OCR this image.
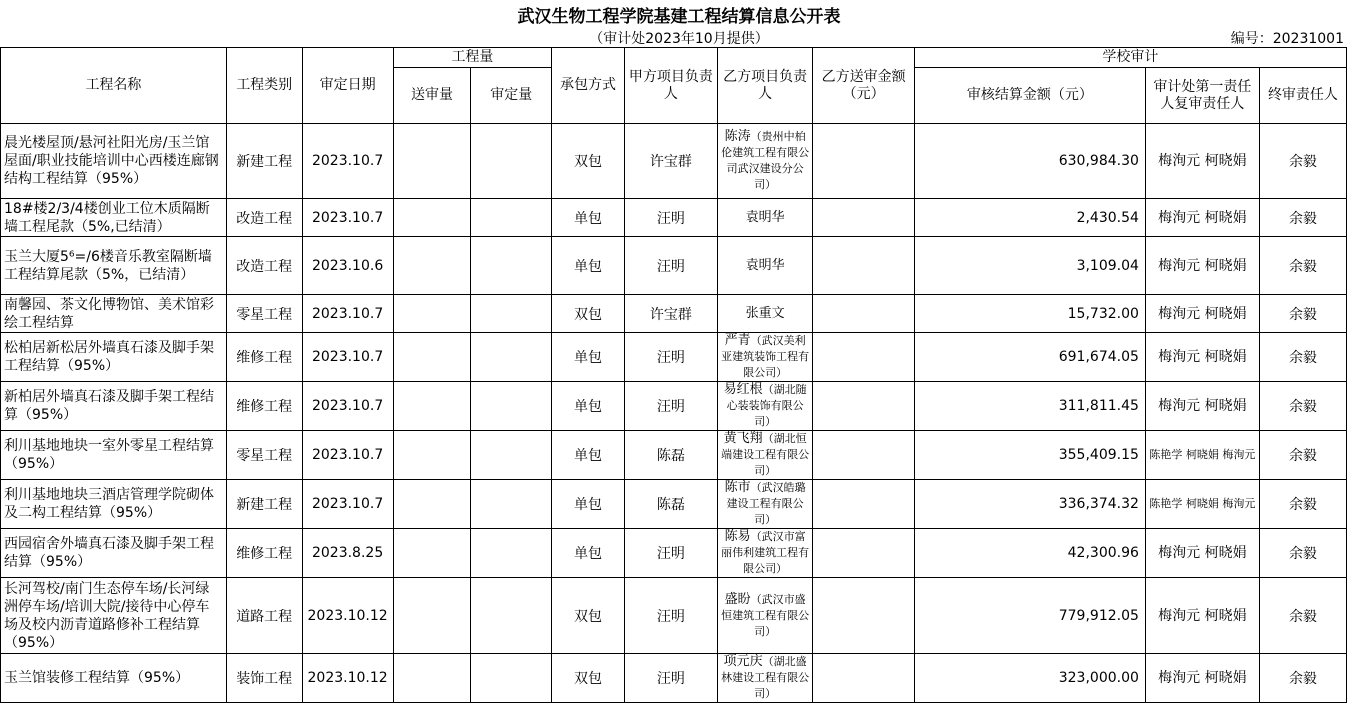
武汉生物工程学院基建工程结算信息公开表
（审计处2023年10月提供）	编号：20231001
工程名称	工程类别	审定日期	工程量		承包方式	甲方项目负责人	乙方项目负责人	乙方送审金额（元）	学校审计		
			送审量	审定量					审核结算金额（元）	审计处第一责任人复审责任人	终审责任人
晨光楼屋顶/悬河社阳光房/玉兰馆屋面/职业技能培训中心西楼连廊钢结构工程结算（95%）	新建工程	2023.10.7			双包	许宝群	陈涛（贵州中柏伦建筑工程有限公司武汉建设分公司）		630,984.30	梅洵元 柯晓娟	余毅
18#楼2/3/4楼创业工位木质隔断墙工程尾款（5%,已结清）	改造工程	2023.10.7			单包	汪明	袁明华		2,430.54	梅洵元 柯晓娟	余毅
玉兰大厦5⁶=/6楼音乐教室隔断墙工程结算尾款（5%，已结清）	改造工程	2023.10.6			单包	汪明	袁明华		3,109.04	梅洵元 柯晓娟	余毅
南馨园、茶文化博物馆、美术馆彩绘工程结算	零星工程	2023.10.7			双包	许宝群	张重文		15,732.00	梅洵元 柯晓娟	余毅
松柏居新松居外墙真石漆及脚手架工程结算（95%）	维修工程	2023.10.7			单包	汪明	严青（武汉美利亚建筑装饰工程有限公司）		691,674.05	梅洵元 柯晓娟	余毅
新柏居外墙真石漆及脚手架工程结算（95%）	维修工程	2023.10.7			单包	汪明	易红根（湖北随心装装饰有限公司）		311,811.45	梅洵元 柯晓娟	余毅
利川基地地块一室外零星工程结算（95%）	零星工程	2023.10.7			单包	陈磊	黄飞翔（湖北恒端建设工程有限公司）		355,409.15	陈艳学 柯晓娟 梅洵元	余毅
利川基地地块三酒店管理学院砌体及二构工程结算（95%）	新建工程	2023.10.7			单包	陈磊	陈市（武汉皓璐建设工程有限公司）		336,374.32	陈艳学 柯晓娟 梅洵元	余毅
西园宿舍外墙真石漆及脚手架工程结算（95%）	维修工程	2023.8.25			单包	汪明	陈易（武汉市富丽伟利建筑工程有限公司）		42,300.96	梅洵元 柯晓娟	余毅
长河驾校/南门生态停车场/长河绿洲停车场/培训大院/接待中心停车场及校内沥青道路修补工程结算（95%）	道路工程	2023.10.12			双包	汪明	盛盼（武汉市盛恒建筑工程有限公司）		779,912.05	梅洵元 柯晓娟	余毅
玉兰馆装修工程结算（95%）	装饰工程	2023.10.12			双包	汪明	项元庆（湖北盛林建设工程有限公司）		323,000.00	梅洵元 柯晓娟	余毅
